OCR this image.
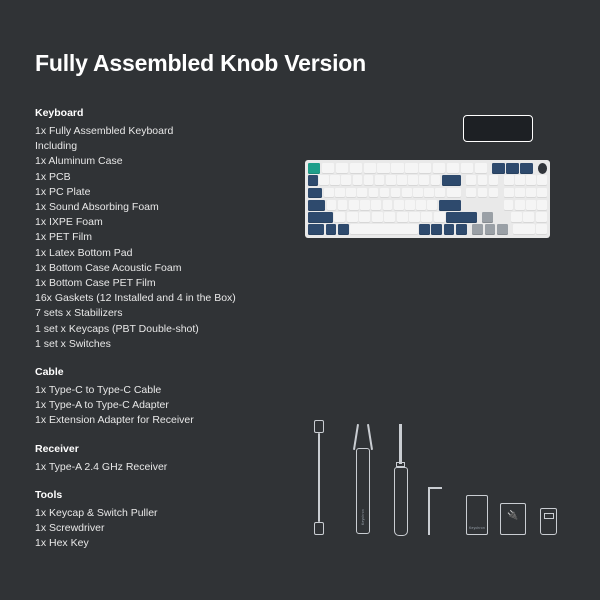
Fully Assembled Knob Version
Keyboard
1x Fully Assembled Keyboard
Including
1x Aluminum Case
1x PCB
1x PC Plate
1x Sound Absorbing Foam
1x IXPE Foam
1x PET Film
1x Latex Bottom Pad
1x Bottom Case Acoustic Foam
1x Bottom Case PET Film
16x Gaskets (12 Installed and 4 in the Box)
7 sets x Stabilizers
1 set x Keycaps (PBT Double-shot)
1 set x Switches
Cable
1x Type-C to Type-C Cable
1x Type-A to Type-C Adapter
1x Extension Adapter for Receiver
Receiver
1x Type-A 2.4 GHz Receiver
Tools
1x Keycap & Switch Puller
1x Screwdriver
1x Hex Key
Keychron
Keychron
🔌
